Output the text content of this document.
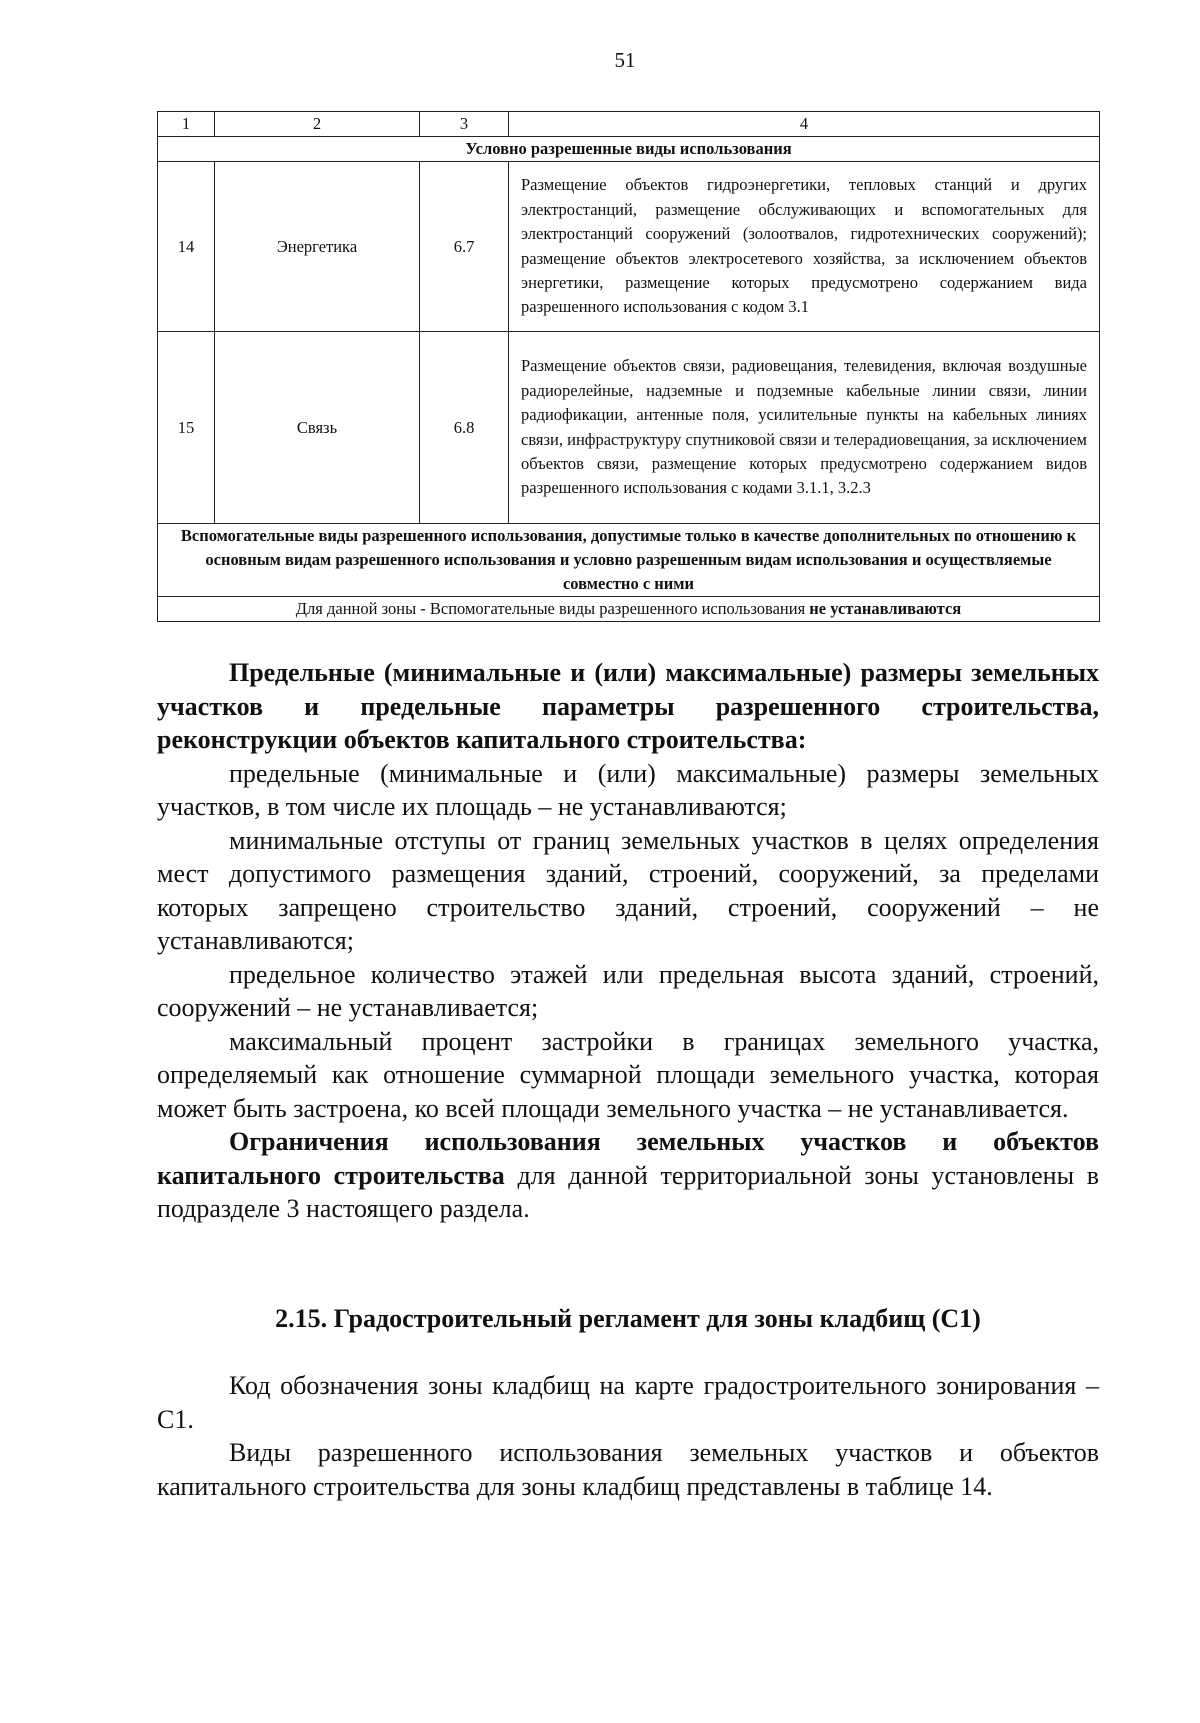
51
1	2	3	4
Условно разрешенные виды использования			
14	Энергетика	6.7	Размещение объектов гидроэнергетики, тепловых станций и других электростанций, размещение обслуживающих и вспомогательных для электростанций сооружений (золоотвалов, гидротехнических сооружений); размещение объектов электросетевого хозяйства, за исключением объектов энергетики, размещение которых предусмотрено содержанием вида разрешенного использования с кодом 3.1
15	Связь	6.8	Размещение объектов связи, радиовещания, телевидения, включая воздушные радиорелейные, надземные и подземные кабельные линии связи, линии радиофикации, антенные поля, усилительные пункты на кабельных линиях связи, инфраструктуру спутниковой связи и телерадиовещания, за исключением объектов связи, размещение которых предусмотрено содержанием видов разрешенного использования с кодами 3.1.1, 3.2.3
Вспомогательные виды разрешенного использования, допустимые только в качестве дополнительных по отношению к основным видам разрешенного использования и условно разрешенным видам использования и осуществляемые совместно с ними			
Для данной зоны - Вспомогательные виды разрешенного использования не устанавливаются			

Предельные (минимальные и (или) максимальные) размеры земельных участков и предельные параметры разрешенного строительства, реконструкции объектов капитального строительства:

предельные (минимальные и (или) максимальные) размеры земельных участков, в том числе их площадь – не устанавливаются;

минимальные отступы от границ земельных участков в целях определения мест допустимого размещения зданий, строений, сооружений, за пределами которых запрещено строительство зданий, строений, сооружений – не устанавливаются;

предельное количество этажей или предельная высота зданий, строений, сооружений – не устанавливается;

максимальный процент застройки в границах земельного участка, определяемый как отношение суммарной площади земельного участка, которая может быть застроена, ко всей площади земельного участка – не устанавливается.

Ограничения использования земельных участков и объектов капитального строительства для данной территориальной зоны установлены в подразделе 3 настоящего раздела.

2.15. Градостроительный регламент для зоны кладбищ (С1)

Код обозначения зоны кладбищ на карте градостроительного зонирования – С1.

Виды разрешенного использования земельных участков и объектов капитального строительства для зоны кладбищ представлены в таблице 14.
